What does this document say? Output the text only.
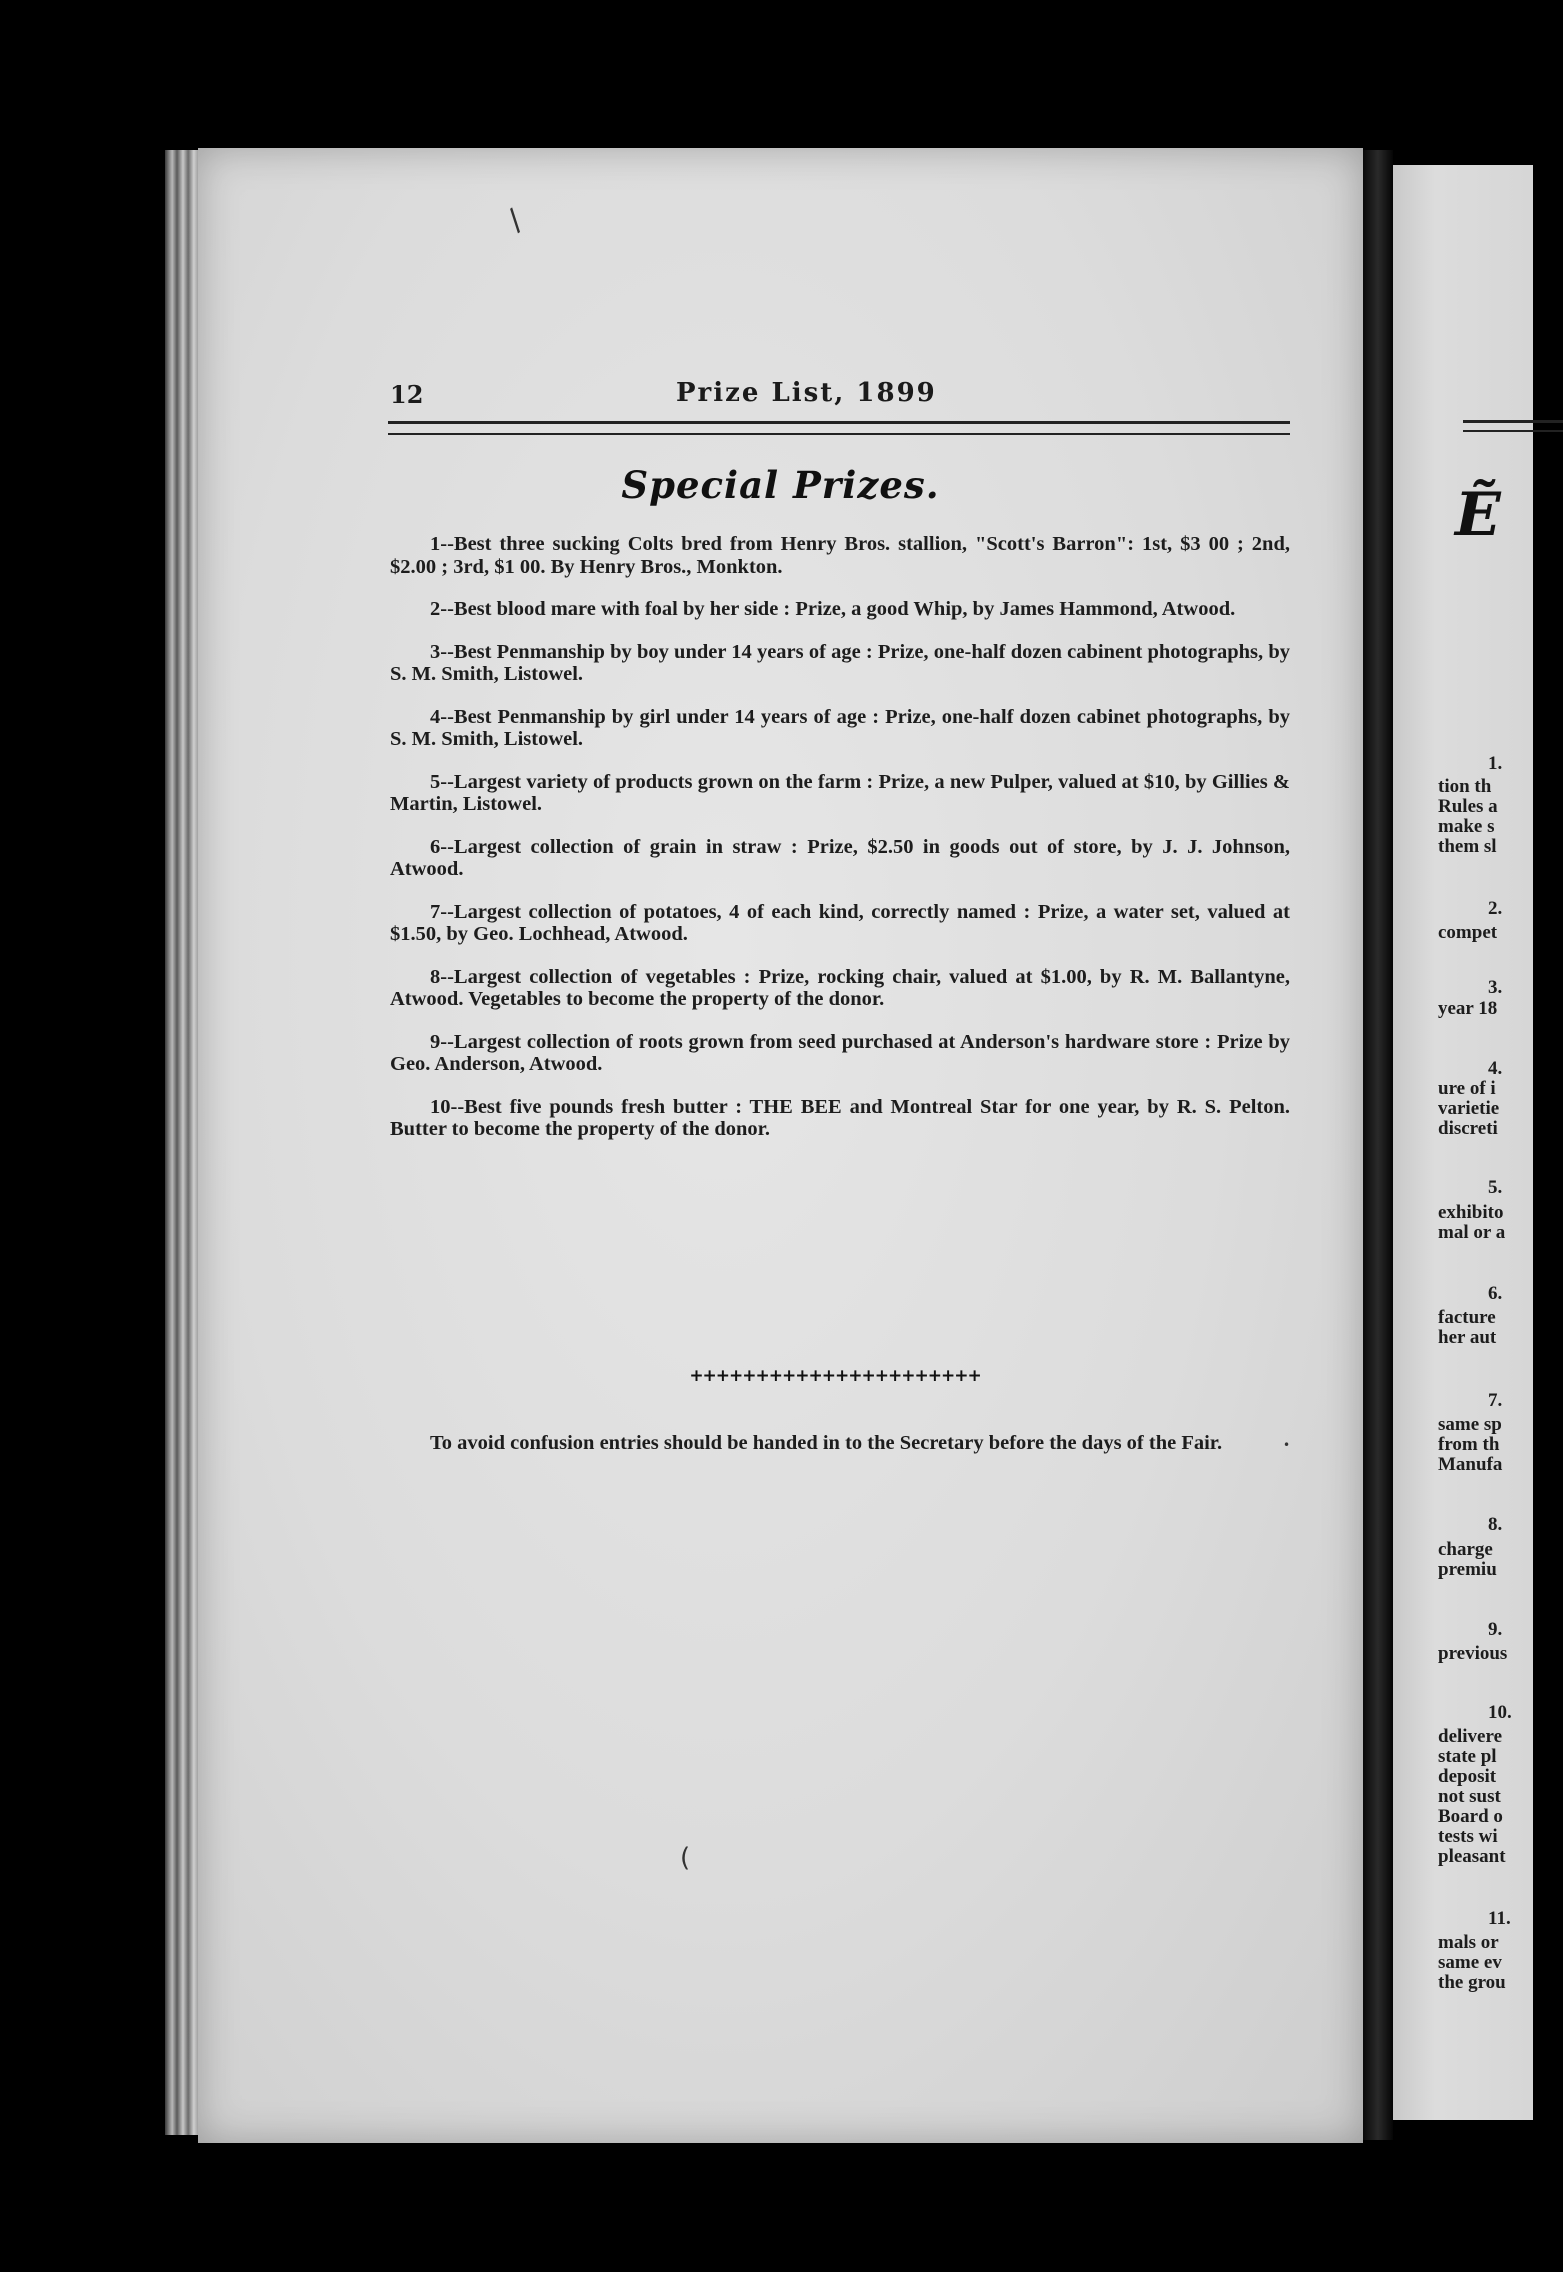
12	Prize List, 1899
Special Prizes.

1--Best three sucking Colts bred from Henry Bros. stallion, "Scott's Barron": 1st, $3 00 ; 2nd, $2.00 ; 3rd, $1 00. By Henry Bros., Monkton.

2--Best blood mare with foal by her side : Prize, a good Whip, by James Hammond, Atwood.

3--Best Penmanship by boy under 14 years of age : Prize, one-half dozen cabinent photographs, by S. M. Smith, Listowel.

4--Best Penmanship by girl under 14 years of age : Prize, one-half dozen cabinet photographs, by S. M. Smith, Listowel.

5--Largest variety of products grown on the farm : Prize, a new Pulper, valued at $10, by Gillies & Martin, Listowel.

6--Largest collection of grain in straw : Prize, $2.50 in goods out of store, by J. J. Johnson, Atwood.

7--Largest collection of potatoes, 4 of each kind, correctly named : Prize, a water set, valued at $1.50, by Geo. Lochhead, Atwood.

8--Largest collection of vegetables : Prize, rocking chair, valued at $1.00, by R. M. Ballantyne, Atwood. Vegetables to become the property of the donor.

9--Largest collection of roots grown from seed purchased at Anderson's hardware store : Prize by Geo. Anderson, Atwood.

10--Best five pounds fresh butter : THE BEE and Montreal Star for one year, by R. S. Pelton. Butter to become the property of the donor.

++++++++++++++++++++++
To avoid confusion entries should be handed in to the Secretary before the days of the Fair.
/
•
(
Ẽ
1.
tion th
Rules a
make s
them sl
2.
compet
3.
year 18
4.
ure of i
varietie
discreti
5.
exhibito
mal or a
6.
facture
her aut
7.
same sp
from th
Manufa
8.
charge
premiu
9.
previous
10.
delivere
state pl
deposit
not sust
Board o
tests wi
pleasant
11.
mals or
same ev
the grou
